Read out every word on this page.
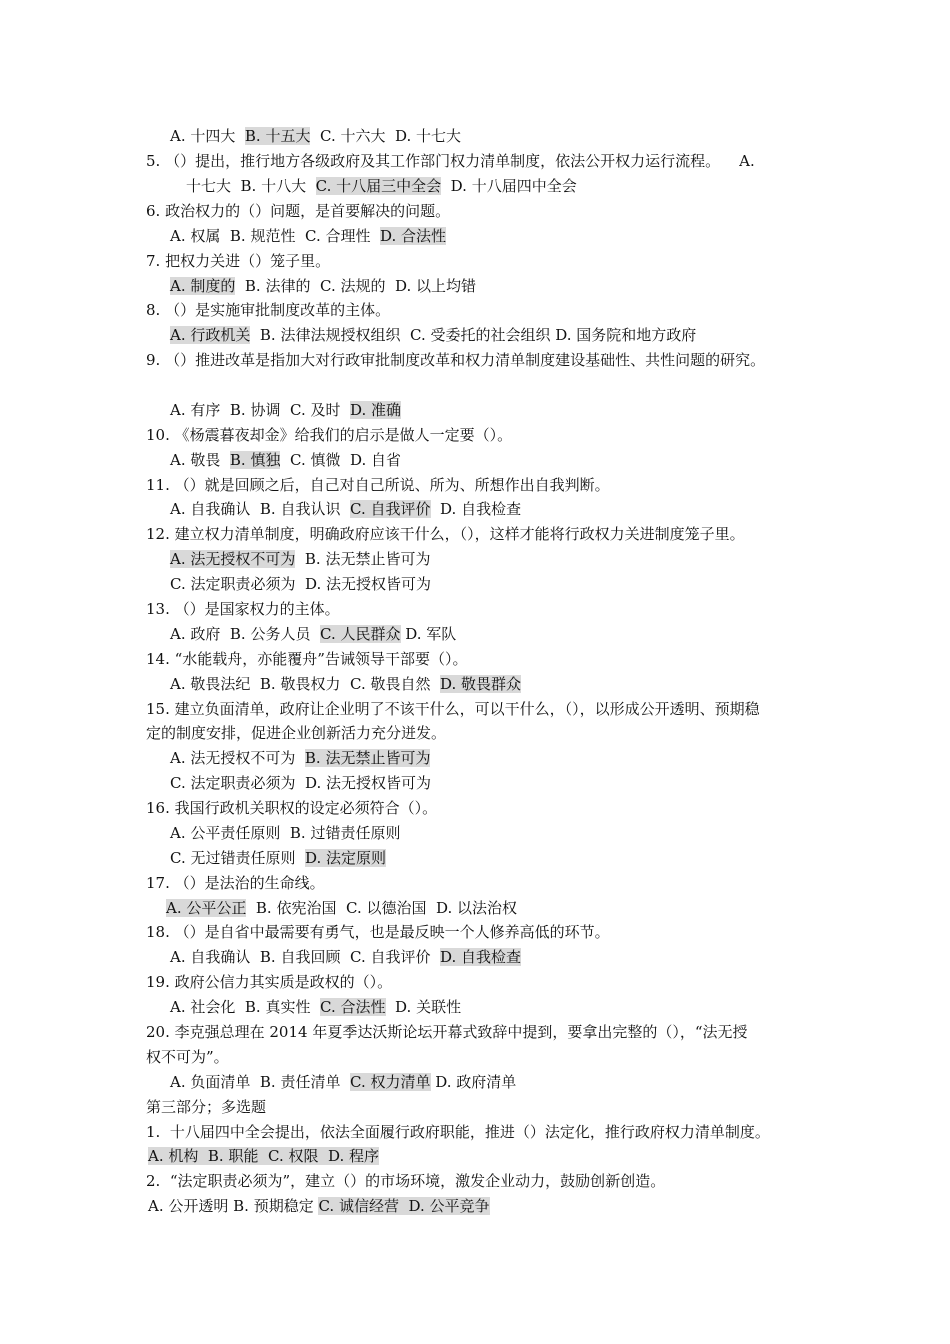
A. 十四大  B. 十五大  C. 十六大  D. 十七大
5. （）提出，推行地方各级政府及其工作部门权力清单制度，依法公开权力运行流程。    A.
十七大  B. 十八大  C. 十八届三中全会  D. 十八届四中全会
6. 政治权力的（）问题，是首要解决的问题。
A. 权属  B. 规范性  C. 合理性  D. 合法性
7. 把权力关进（）笼子里。
A. 制度的  B. 法律的  C. 法规的  D. 以上均错
8. （）是实施审批制度改革的主体。
A. 行政机关  B. 法律法规授权组织  C. 受委托的社会组织 D. 国务院和地方政府
9. （）推进改革是指加大对行政审批制度改革和权力清单制度建设基础性、共性问题的研究。
A. 有序  B. 协调  C. 及时  D. 准确
10. 《杨震暮夜却金》给我们的启示是做人一定要（）。
A. 敬畏  B. 慎独  C. 慎微  D. 自省
11. （）就是回顾之后，自己对自己所说、所为、所想作出自我判断。
A. 自我确认  B. 自我认识  C. 自我评价  D. 自我检查
12. 建立权力清单制度，明确政府应该干什么，（），这样才能将行政权力关进制度笼子里。
A. 法无授权不可为  B. 法无禁止皆可为
C. 法定职责必须为  D. 法无授权皆可为
13. （）是国家权力的主体。
A. 政府  B. 公务人员  C. 人民群众 D. 军队
14. “水能载舟，亦能覆舟”告诫领导干部要（）。
A. 敬畏法纪  B. 敬畏权力  C. 敬畏自然  D. 敬畏群众
15. 建立负面清单，政府让企业明了不该干什么，可以干什么，（），以形成公开透明、预期稳
定的制度安排，促进企业创新活力充分迸发。
A. 法无授权不可为  B. 法无禁止皆可为
C. 法定职责必须为  D. 法无授权皆可为
16. 我国行政机关职权的设定必须符合（）。
A. 公平责任原则  B. 过错责任原则
C. 无过错责任原则  D. 法定原则
17. （）是法治的生命线。
A. 公平公正  B. 依宪治国  C. 以德治国  D. 以法治权
18. （）是自省中最需要有勇气，也是最反映一个人修养高低的环节。
A. 自我确认  B. 自我回顾  C. 自我评价  D. 自我检查
19. 政府公信力其实质是政权的（）。
A. 社会化  B. 真实性  C. 合法性  D. 关联性
20. 李克强总理在 2014 年夏季达沃斯论坛开幕式致辞中提到，要拿出完整的（），“法无授
权不可为”。
A. 负面清单  B. 责任清单  C. 权力清单 D. 政府清单
第三部分；多选题
1.  十八届四中全会提出，依法全面履行政府职能，推进（）法定化，推行政府权力清单制度。
A. 机构  B. 职能  C. 权限  D. 程序
2.  “法定职责必须为”，建立（）的市场环境，激发企业动力，鼓励创新创造。
A. 公开透明 B. 预期稳定 C. 诚信经营  D. 公平竞争
